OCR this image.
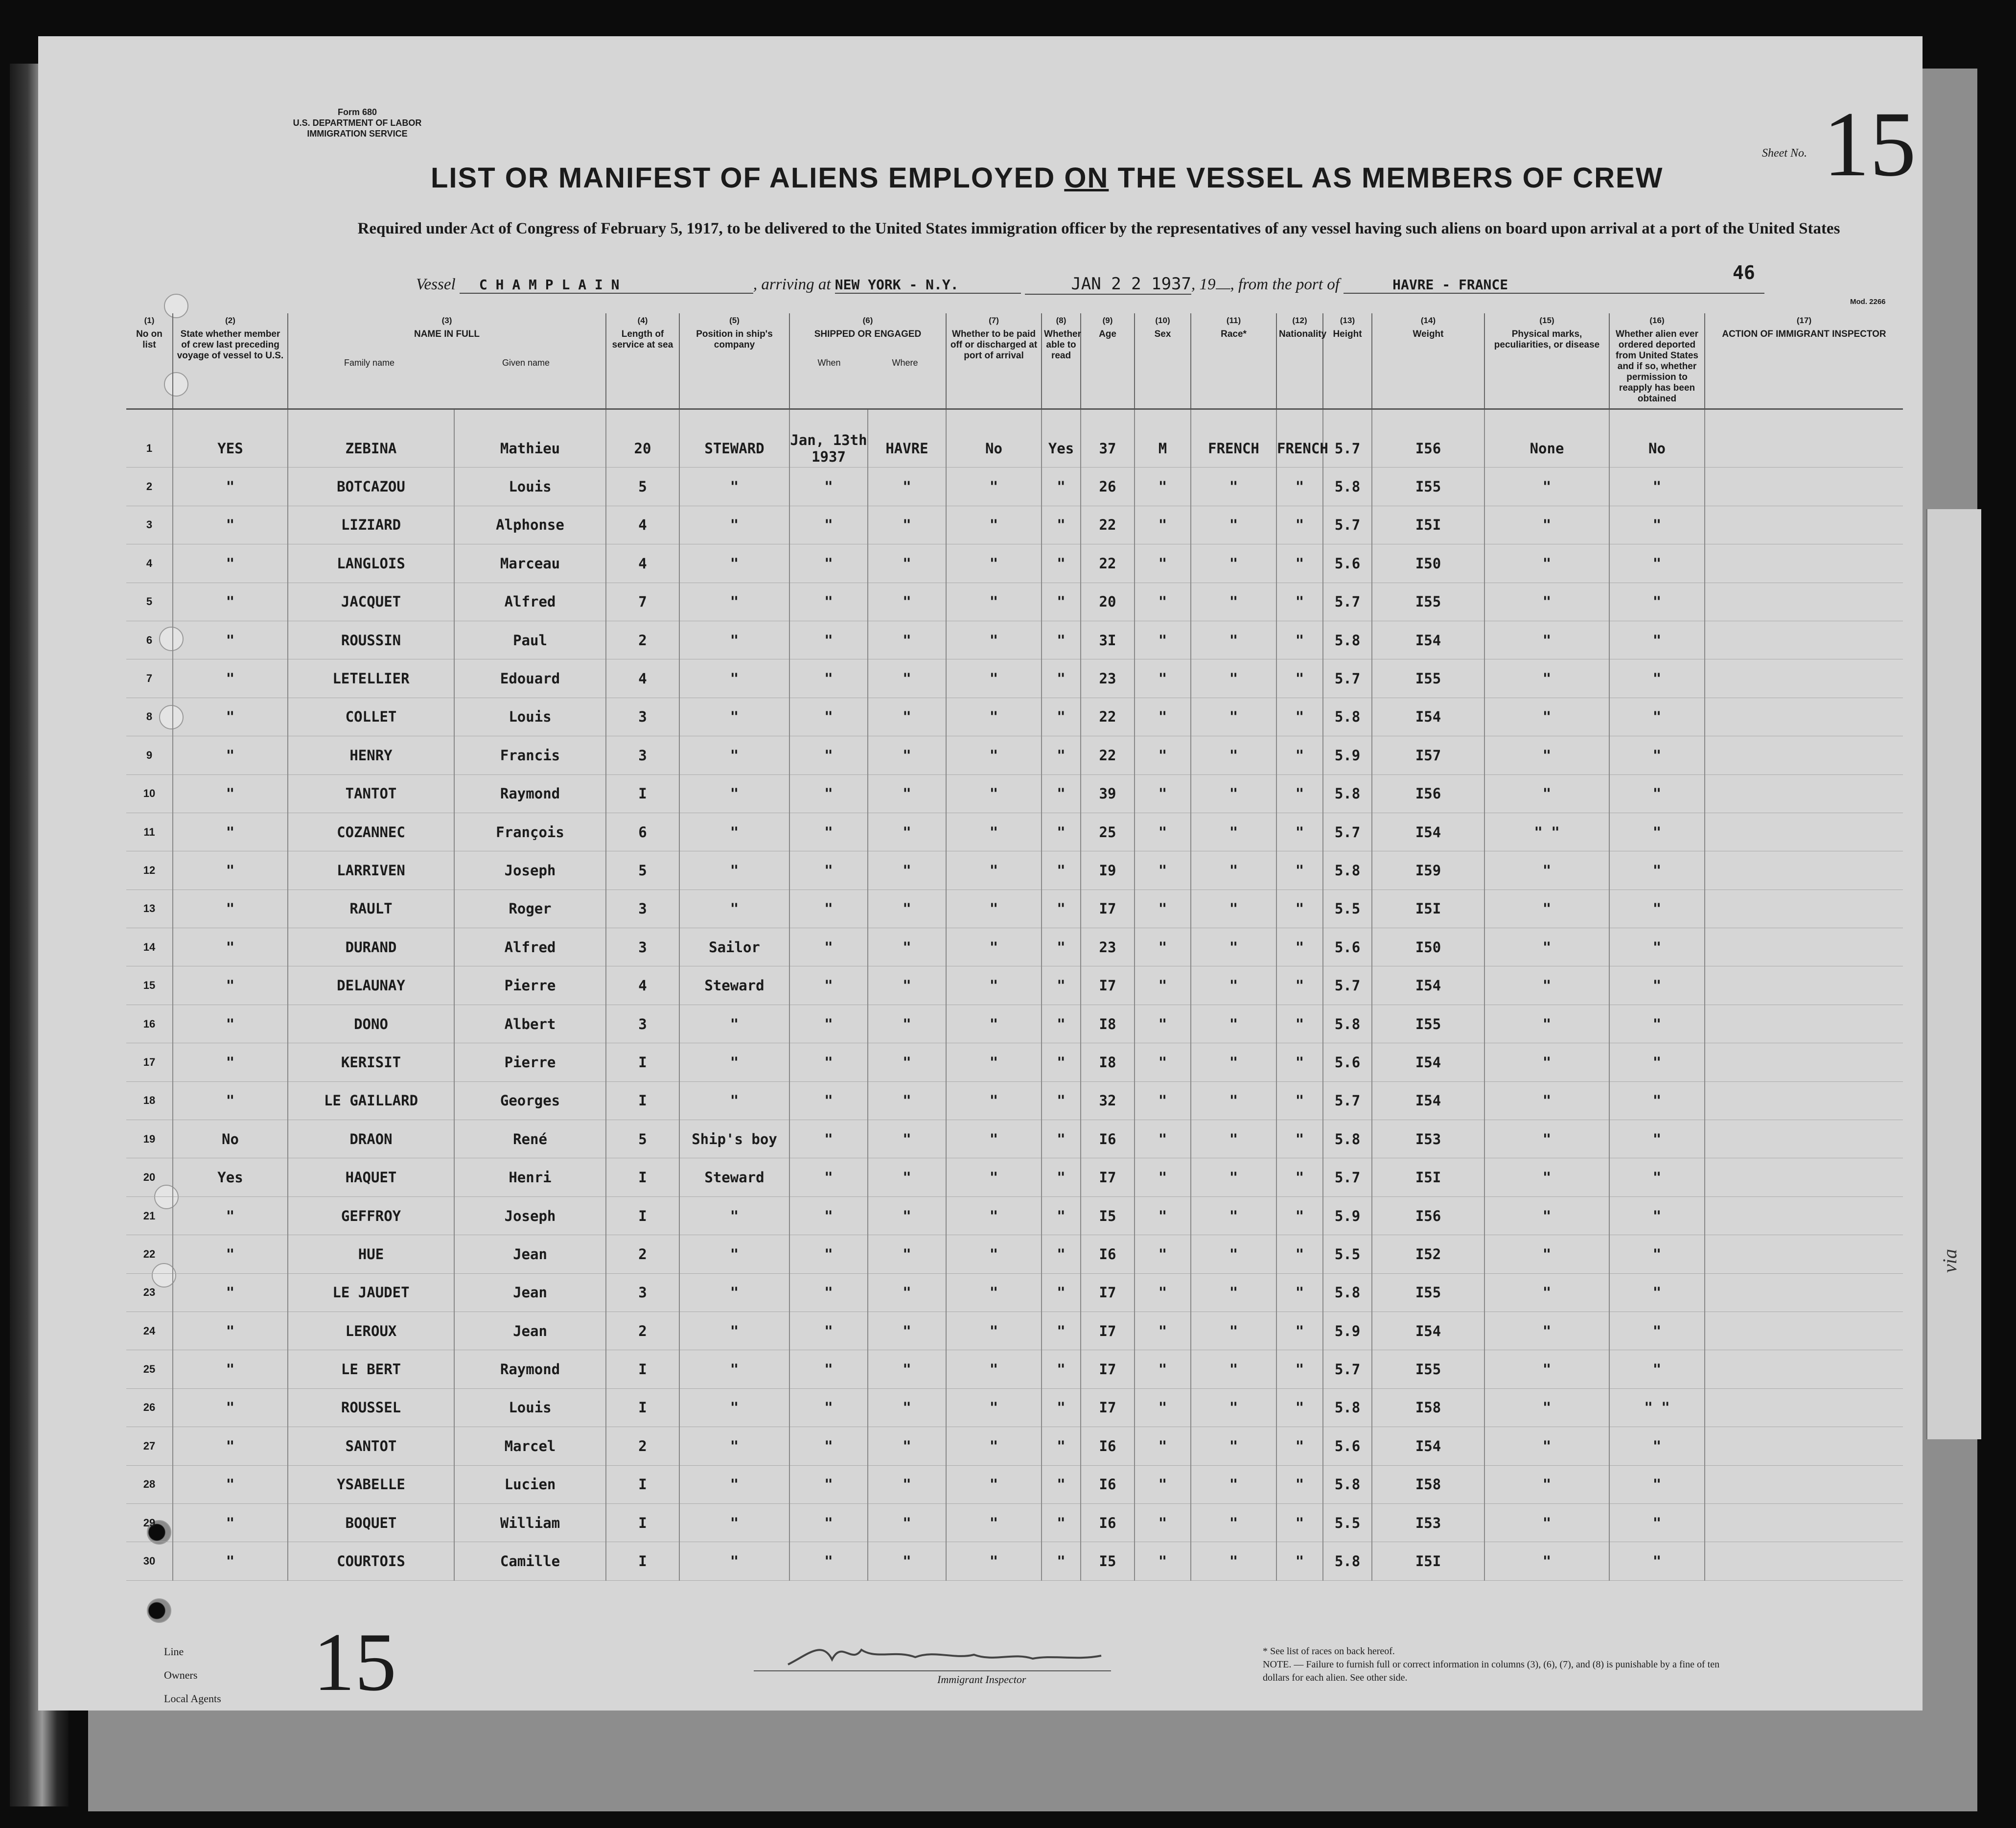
via
Form 680
U.S. DEPARTMENT OF LABOR
IMMIGRATION SERVICE
LIST OR MANIFEST OF ALIENS EMPLOYED ON THE VESSEL AS MEMBERS OF CREW
Required under Act of Congress of February 5, 1917, to be delivered to the United States immigration officer by the representatives of any vessel having such aliens on board upon arrival at a port of the United States
Sheet No. 15
46
Mod. 2266
Vessel C H A M P L A I N	, arriving at NEW YORK - N.Y.	JAN 2 2 1937, 19 , from the port of	HAVRE - FRANCE
(1)
No on list	(2)
State whether member of crew last preceding voyage of vessel to U.S.	(3)
NAME IN FULL
Family name Given name		(4)
Length of service at sea	(5)
Position in ship's company	(6)
SHIPPED OR ENGAGED
When Where		(7)
Whether to be paid off or discharged at port of arrival	(8)
Whether able to read	(9)
Age	(10)
Sex	(11)
Race*	(12)
Nationality	(13)
Height	(14)
Weight	(15)
Physical marks, peculiarities, or disease	(16)
Whether alien ever ordered deported from United States and if so, whether permission to reapply has been obtained	(17)
ACTION OF IMMIGRANT INSPECTOR
1	YES	ZEBINA	Mathieu	20	STEWARD	Jan, 13th 1937	HAVRE	No	Yes	37	M	FRENCH	FRENCH	5.7	I56	None	No	
2	"	BOTCAZOU	Louis	5	"	"	"	"	"	26	"	"	"	5.8	I55	"	"	
3	"	LIZIARD	Alphonse	4	"	"	"	"	"	22	"	"	"	5.7	I5I	"	"	
4	"	LANGLOIS	Marceau	4	"	"	"	"	"	22	"	"	"	5.6	I50	"	"	
5	"	JACQUET	Alfred	7	"	"	"	"	"	20	"	"	"	5.7	I55	"	"	
6	"	ROUSSIN	Paul	2	"	"	"	"	"	3I	"	"	"	5.8	I54	"	"	
7	"	LETELLIER	Edouard	4	"	"	"	"	"	23	"	"	"	5.7	I55	"	"	
8	"	COLLET	Louis	3	"	"	"	"	"	22	"	"	"	5.8	I54	"	"	
9	"	HENRY	Francis	3	"	"	"	"	"	22	"	"	"	5.9	I57	"	"	
10	"	TANTOT	Raymond	I	"	"	"	"	"	39	"	"	"	5.8	I56	"	"	
11	"	COZANNEC	François	6	"	"	"	"	"	25	"	"	"	5.7	I54	" "	"	
12	"	LARRIVEN	Joseph	5	"	"	"	"	"	I9	"	"	"	5.8	I59	"	"	
13	"	RAULT	Roger	3	"	"	"	"	"	I7	"	"	"	5.5	I5I	"	"	
14	"	DURAND	Alfred	3	Sailor	"	"	"	"	23	"	"	"	5.6	I50	"	"	
15	"	DELAUNAY	Pierre	4	Steward	"	"	"	"	I7	"	"	"	5.7	I54	"	"	
16	"	DONO	Albert	3	"	"	"	"	"	I8	"	"	"	5.8	I55	"	"	
17	"	KERISIT	Pierre	I	"	"	"	"	"	I8	"	"	"	5.6	I54	"	"	
18	"	LE GAILLARD	Georges	I	"	"	"	"	"	32	"	"	"	5.7	I54	"	"	
19	No	DRAON	René	5	Ship's boy	"	"	"	"	I6	"	"	"	5.8	I53	"	"	
20	Yes	HAQUET	Henri	I	Steward	"	"	"	"	I7	"	"	"	5.7	I5I	"	"	
21	"	GEFFROY	Joseph	I	"	"	"	"	"	I5	"	"	"	5.9	I56	"	"	
22	"	HUE	Jean	2	"	"	"	"	"	I6	"	"	"	5.5	I52	"	"	
23	"	LE JAUDET	Jean	3	"	"	"	"	"	I7	"	"	"	5.8	I55	"	"	
24	"	LEROUX	Jean	2	"	"	"	"	"	I7	"	"	"	5.9	I54	"	"	
25	"	LE BERT	Raymond	I	"	"	"	"	"	I7	"	"	"	5.7	I55	"	"	
26	"	ROUSSEL	Louis	I	"	"	"	"	"	I7	"	"	"	5.8	I58	"	" "	
27	"	SANTOT	Marcel	2	"	"	"	"	"	I6	"	"	"	5.6	I54	"	"	
28	"	YSABELLE	Lucien	I	"	"	"	"	"	I6	"	"	"	5.8	I58	"	"	
29	"	BOQUET	William	I	"	"	"	"	"	I6	"	"	"	5.5	I53	"	"	
30	"	COURTOIS	Camille	I	"	"	"	"	"	I5	"	"	"	5.8	I5I	"	"	
Line
Owners
Local Agents 15	Immigrant Inspector
* See list of races on back hereof.
NOTE. — Failure to furnish full or correct information in columns (3), (6), (7), and (8) is punishable by a fine of ten dollars for each alien. See other side.
